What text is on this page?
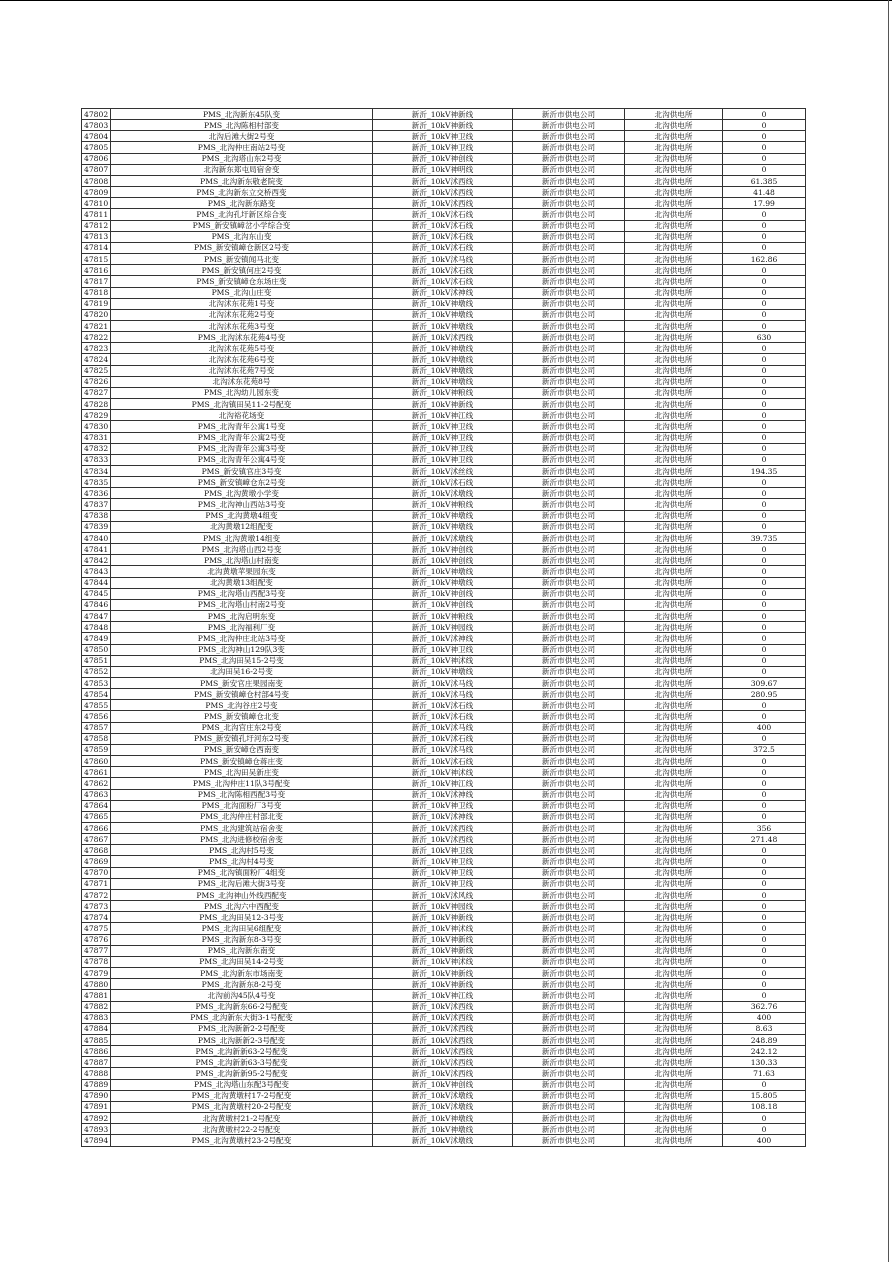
47802	PMS_北沟新东45队变	新沂_10kV神新线	新沂市供电公司	北沟供电所	0
47803	PMS_北沟陈相村部变	新沂_10kV神新线	新沂市供电公司	北沟供电所	0
47804	北沟后滩大街2号变	新沂_10kV神卫线	新沂市供电公司	北沟供电所	0
47805	PMS_北沟仲庄南站2号变	新沂_10kV神卫线	新沂市供电公司	北沟供电所	0
47806	PMS_北沟塔山东2号变	新沂_10kV神创线	新沂市供电公司	北沟供电所	0
47807	北沟新东郑屯局宿舍变	新沂_10kV神明线	新沂市供电公司	北沟供电所	0
47808	PMS_北沟新东敬老院变	新沂_10kV沭西线	新沂市供电公司	北沟供电所	61.385
47809	PMS_北沟新东立交桥西变	新沂_10kV沭西线	新沂市供电公司	北沟供电所	41.48
47810	PMS_北沟新东路变	新沂_10kV沭西线	新沂市供电公司	北沟供电所	17.99
47811	PMS_北沟孔圩新区综合变	新沂_10kV沭石线	新沂市供电公司	北沟供电所	0
47812	PMS_新安镇嶂岔小学综合变	新沂_10kV沭石线	新沂市供电公司	北沟供电所	0
47813	PMS_北沟东山变	新沂_10kV沭石线	新沂市供电公司	北沟供电所	0
47814	PMS_新安镇嶂仓新区2号变	新沂_10kV沭石线	新沂市供电公司	北沟供电所	0
47815	PMS_新安镇闻马北变	新沂_10kV沭马线	新沂市供电公司	北沟供电所	162.86
47816	PMS_新安镇何庄2号变	新沂_10kV沭石线	新沂市供电公司	北沟供电所	0
47817	PMS_新安镇嶂仓东场庄变	新沂_10kV沭石线	新沂市供电公司	北沟供电所	0
47818	PMS_北沟山庄变	新沂_10kV沭神线	新沂市供电公司	北沟供电所	0
47819	北沟沭东花苑1号变	新沂_10kV神墩线	新沂市供电公司	北沟供电所	0
47820	北沟沭东花苑2号变	新沂_10kV神墩线	新沂市供电公司	北沟供电所	0
47821	北沟沭东花苑3号变	新沂_10kV神墩线	新沂市供电公司	北沟供电所	0
47822	PMS_北沟沭东花苑4号变	新沂_10kV沭西线	新沂市供电公司	北沟供电所	630
47823	北沟沭东花苑5号变	新沂_10kV神墩线	新沂市供电公司	北沟供电所	0
47824	北沟沭东花苑6号变	新沂_10kV神墩线	新沂市供电公司	北沟供电所	0
47825	北沟沭东花苑7号变	新沂_10kV神墩线	新沂市供电公司	北沟供电所	0
47826	北沟沭东花苑8号	新沂_10kV神墩线	新沂市供电公司	北沟供电所	0
47827	PMS_北沟幼儿园东变	新沂_10kV神粮线	新沂市供电公司	北沟供电所	0
47828	PMS_北沟镇田吴11-2号配变	新沂_10kV神新线	新沂市供电公司	北沟供电所	0
47829	北沟裕花场变	新沂_10kV神江线	新沂市供电公司	北沟供电所	0
47830	PMS_北沟青年公寓1号变	新沂_10kV神卫线	新沂市供电公司	北沟供电所	0
47831	PMS_北沟青年公寓2号变	新沂_10kV神卫线	新沂市供电公司	北沟供电所	0
47832	PMS_北沟青年公寓3号变	新沂_10kV神卫线	新沂市供电公司	北沟供电所	0
47833	PMS_北沟青年公寓4号变	新沂_10kV神卫线	新沂市供电公司	北沟供电所	0
47834	PMS_新安镇官庄3号变	新沂_10kV沭丝线	新沂市供电公司	北沟供电所	194.35
47835	PMS_新安镇嶂仓东2号变	新沂_10kV沭石线	新沂市供电公司	北沟供电所	0
47836	PMS_北沟黄墩小学变	新沂_10kV沭墩线	新沂市供电公司	北沟供电所	0
47837	PMS_北沟神山西站3号变	新沂_10kV神粮线	新沂市供电公司	北沟供电所	0
47838	PMS_北沟黄墩4组变	新沂_10kV神墩线	新沂市供电公司	北沟供电所	0
47839	北沟黄墩12组配变	新沂_10kV神墩线	新沂市供电公司	北沟供电所	0
47840	PMS_北沟黄墩14组变	新沂_10kV沭墩线	新沂市供电公司	北沟供电所	39.735
47841	PMS_北沟塔山西2号变	新沂_10kV神创线	新沂市供电公司	北沟供电所	0
47842	PMS_北沟塔山村南变	新沂_10kV神创线	新沂市供电公司	北沟供电所	0
47843	北沟黄墩苹果园东变	新沂_10kV神墩线	新沂市供电公司	北沟供电所	0
47844	北沟黄墩13组配变	新沂_10kV神墩线	新沂市供电公司	北沟供电所	0
47845	PMS_北沟塔山西配3号变	新沂_10kV神创线	新沂市供电公司	北沟供电所	0
47846	PMS_北沟塔山村南2号变	新沂_10kV神创线	新沂市供电公司	北沟供电所	0
47847	PMS_北沟启明东变	新沂_10kV神粮线	新沂市供电公司	北沟供电所	0
47848	PMS_北沟福利厂变	新沂_10kV神园线	新沂市供电公司	北沟供电所	0
47849	PMS_北沟仲庄北站3号变	新沂_10kV沭神线	新沂市供电公司	北沟供电所	0
47850	PMS_北沟神山129队3变	新沂_10kV神卫线	新沂市供电公司	北沟供电所	0
47851	PMS_北沟田吴15-2号变	新沂_10kV神沭线	新沂市供电公司	北沟供电所	0
47852	北沟田吴16-2号变	新沂_10kV神墩线	新沂市供电公司	北沟供电所	0
47853	PMS_新安官庄果园南变	新沂_10kV沭马线	新沂市供电公司	北沟供电所	309.67
47854	PMS_新安镇嶂仓村部4号变	新沂_10kV沭马线	新沂市供电公司	北沟供电所	280.95
47855	PMS_北沟谷庄2号变	新沂_10kV沭石线	新沂市供电公司	北沟供电所	0
47856	PMS_新安镇嶂仓北变	新沂_10kV沭石线	新沂市供电公司	北沟供电所	0
47857	PMS_北沟官庄东2号变	新沂_10kV沭马线	新沂市供电公司	北沟供电所	400
47858	PMS_新安镇孔圩河东2号变	新沂_10kV沭石线	新沂市供电公司	北沟供电所	0
47859	PMS_新安嶂仓西南变	新沂_10kV沭马线	新沂市供电公司	北沟供电所	372.5
47860	PMS_新安镇嶂仓蒋庄变	新沂_10kV沭石线	新沂市供电公司	北沟供电所	0
47861	PMS_北沟田吴新庄变	新沂_10kV神沭线	新沂市供电公司	北沟供电所	0
47862	PMS_北沟仲庄11队3号配变	新沂_10kV神江线	新沂市供电公司	北沟供电所	0
47863	PMS_北沟陈相西配3号变	新沂_10kV沭神线	新沂市供电公司	北沟供电所	0
47864	PMS_北沟面粉厂3号变	新沂_10kV神卫线	新沂市供电公司	北沟供电所	0
47865	PMS_北沟仲庄村部北变	新沂_10kV沭神线	新沂市供电公司	北沟供电所	0
47866	PMS_北沟建筑站宿舍变	新沂_10kV沭西线	新沂市供电公司	北沟供电所	356
47867	PMS_北沟进修校宿舍变	新沂_10kV沭西线	新沂市供电公司	北沟供电所	271.48
47868	PMS_北沟村5号变	新沂_10kV神卫线	新沂市供电公司	北沟供电所	0
47869	PMS_北沟村4号变	新沂_10kV神卫线	新沂市供电公司	北沟供电所	0
47870	PMS_北沟镇面粉厂4组变	新沂_10kV神卫线	新沂市供电公司	北沟供电所	0
47871	PMS_北沟后滩大街3号变	新沂_10kV神卫线	新沂市供电公司	北沟供电所	0
47872	PMS_北沟神山外线西配变	新沂_10kV沭风线	新沂市供电公司	北沟供电所	0
47873	PMS_北沟六中西配变	新沂_10kV神园线	新沂市供电公司	北沟供电所	0
47874	PMS_北沟田吴12-3号变	新沂_10kV神新线	新沂市供电公司	北沟供电所	0
47875	PMS_北沟田吴6组配变	新沂_10kV神沭线	新沂市供电公司	北沟供电所	0
47876	PMS_北沟新东8-3号变	新沂_10kV神新线	新沂市供电公司	北沟供电所	0
47877	PMS_北沟新东南变	新沂_10kV神新线	新沂市供电公司	北沟供电所	0
47878	PMS_北沟田吴14-2号变	新沂_10kV神沭线	新沂市供电公司	北沟供电所	0
47879	PMS_北沟新东市场南变	新沂_10kV神新线	新沂市供电公司	北沟供电所	0
47880	PMS_北沟新东8-2号变	新沂_10kV神新线	新沂市供电公司	北沟供电所	0
47881	北沟前沟45队4号变	新沂_10kV神江线	新沂市供电公司	北沟供电所	0
47882	PMS_北沟新东66-2号配变	新沂_10kV沭西线	新沂市供电公司	北沟供电所	362.76
47883	PMS_北沟新东大街3-1号配变	新沂_10kV沭西线	新沂市供电公司	北沟供电所	400
47884	PMS_北沟新新2-2号配变	新沂_10kV沭西线	新沂市供电公司	北沟供电所	8.63
47885	PMS_北沟新新2-3号配变	新沂_10kV沭西线	新沂市供电公司	北沟供电所	248.89
47886	PMS_北沟新新63-2号配变	新沂_10kV沭西线	新沂市供电公司	北沟供电所	242.12
47887	PMS_北沟新新63-3号配变	新沂_10kV沭西线	新沂市供电公司	北沟供电所	130.33
47888	PMS_北沟新新95-2号配变	新沂_10kV沭西线	新沂市供电公司	北沟供电所	71.63
47889	PMS_北沟塔山东配3号配变	新沂_10kV神创线	新沂市供电公司	北沟供电所	0
47890	PMS_北沟黄墩村17-2号配变	新沂_10kV沭墩线	新沂市供电公司	北沟供电所	15.805
47891	PMS_北沟黄墩村20-2号配变	新沂_10kV沭墩线	新沂市供电公司	北沟供电所	108.18
47892	北沟黄墩村21-2号配变	新沂_10kV神墩线	新沂市供电公司	北沟供电所	0
47893	北沟黄墩村22-2号配变	新沂_10kV神墩线	新沂市供电公司	北沟供电所	0
47894	PMS_北沟黄墩村23-2号配变	新沂_10kV沭墩线	新沂市供电公司	北沟供电所	400
